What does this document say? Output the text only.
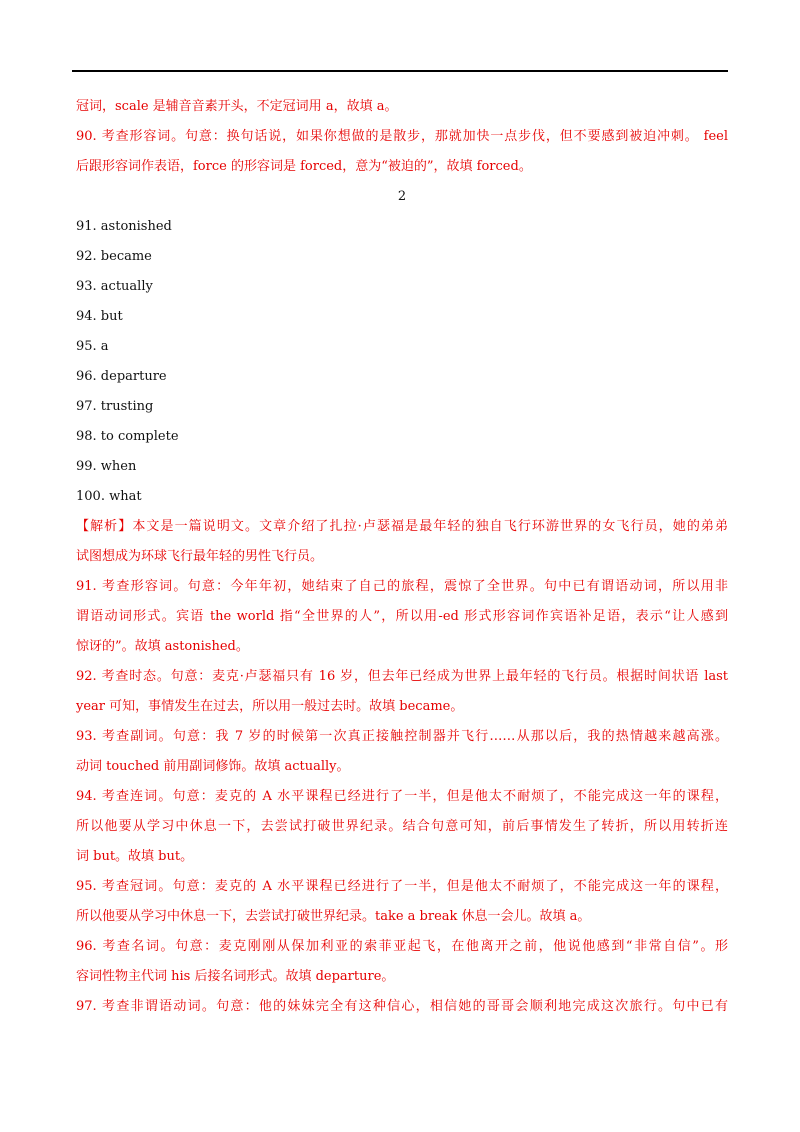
冠词，scale 是辅音音素开头，不定冠词用 a，故填 a。
90. 考查形容词。句意：换句话说，如果你想做的是散步，那就加快一点步伐，但不要感到被迫冲刺。 feel
后跟形容词作表语，force 的形容词是 forced，意为“被迫的”，故填 forced。
2
91. astonished
92. became
93. actually
94. but
95. a
96. departure
97. trusting
98. to complete
99. when
100. what
【解析】本文是一篇说明文。文章介绍了扎拉·卢瑟福是最年轻的独自飞行环游世界的女飞行员，她的弟弟
试图想成为环球飞行最年轻的男性飞行员。
91. 考查形容词。句意：今年年初，她结束了自己的旅程，震惊了全世界。句中已有谓语动词，所以用非
谓语动词形式。宾语 the world 指“全世界的人”，所以用-ed 形式形容词作宾语补足语，表示“让人感到
惊讶的”。故填 astonished。
92. 考查时态。句意：麦克·卢瑟福只有 16 岁，但去年已经成为世界上最年轻的飞行员。根据时间状语 last
year 可知，事情发生在过去，所以用一般过去时。故填 became。
93. 考查副词。句意：我 7 岁的时候第一次真正接触控制器并飞行……从那以后，我的热情越来越高涨。
动词 touched 前用副词修饰。故填 actually。
94. 考查连词。句意：麦克的 A 水平课程已经进行了一半，但是他太不耐烦了，不能完成这一年的课程，
所以他要从学习中休息一下，去尝试打破世界纪录。结合句意可知，前后事情发生了转折，所以用转折连
词 but。故填 but。
95. 考查冠词。句意：麦克的 A 水平课程已经进行了一半，但是他太不耐烦了，不能完成这一年的课程，
所以他要从学习中休息一下，去尝试打破世界纪录。take a break 休息一会儿。故填 a。
96. 考查名词。句意：麦克刚刚从保加利亚的索菲亚起飞，在他离开之前，他说他感到“非常自信”。形
容词性物主代词 his 后接名词形式。故填 departure。
97. 考查非谓语动词。句意：他的妹妹完全有这种信心，相信她的哥哥会顺利地完成这次旅行。句中已有
